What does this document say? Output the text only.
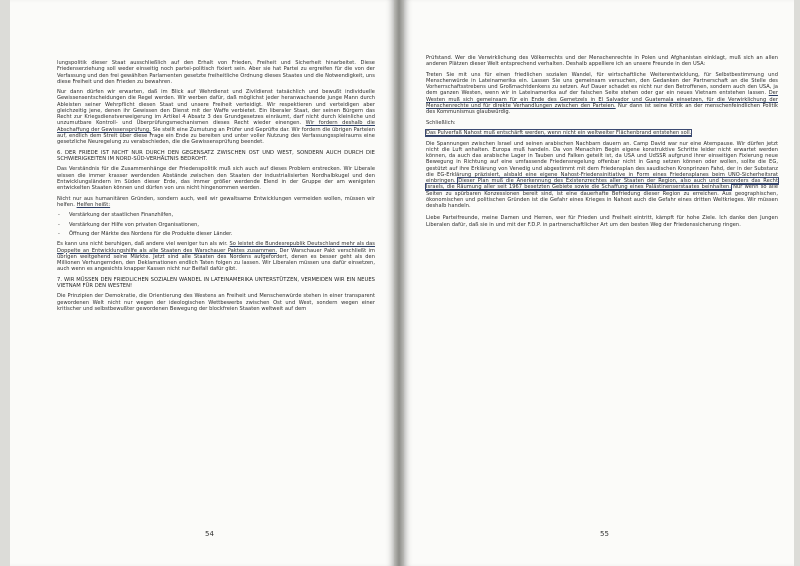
lungspolitik dieser Staat ausschließlich auf den Erhalt von Frieden, Freiheit und Sicherheit hinarbeitet. Diese Friedenserziehung soll weder einseitig noch partei-politisch fixiert sein. Aber sie hat Partei zu ergreifen für die von der Verfassung und den frei gewählten Parlamenten gesetzte freiheitliche Ordnung dieses Staates und die Notwendigkeit, uns diese Freiheit und den Frieden zu bewahren.

Nur dann dürfen wir erwarten, daß im Blick auf Wehrdienst und Zivildienst tatsächlich und bewußt individuelle Gewissensentscheidungen die Regel werden. Wir werben dafür, daß möglichst jeder heranwachsende junge Mann durch Ableisten seiner Wehrpflicht diesen Staat und unsere Freiheit verteidigt. Wir respektieren und verteidigen aber gleichzeitig jene, denen ihr Gewissen den Dienst mit der Waffe verbietet. Ein liberaler Staat, der seinen Bürgern das Recht zur Kriegsdienstverweigerung im Artikel 4 Absatz 3 des Grundgesetzes einräumt, darf nicht durch kleinliche und unzumutbare Kontroll- und Überprüfungsmechanismen dieses Recht wieder einengen. Wir fordern deshalb die Abschaffung der Gewissensprüfung. Sie stellt eine Zumutung an Prüfer und Geprüfte dar. Wir fordern die übrigen Parteien auf, endlich dem Streit über diese Frage ein Ende zu bereiten und unter voller Nutzung des Verfassungsspielraums eine gesetzliche Neuregelung zu verabschieden, die die Gewissensprüfung beendet.

6. DER FRIEDE IST NICHT NUR DURCH DEN GEGENSATZ ZWISCHEN OST UND WEST, SONDERN AUCH DURCH DIE SCHWIERIGKEITEN IM NORD-SÜD-VERHÄLTNIS BEDROHT.

Das Verständnis für die Zusammenhänge der Friedenspolitik muß sich auch auf dieses Problem erstrecken. Wir Liberale wissen die immer krasser werdenden Abstände zwischen den Staaten der industrialisierten Nordhalbkugel und den Entwicklungsländern im Süden dieser Erde, das immer größer werdende Elend in der Gruppe der am wenigsten entwickelten Staaten können und dürfen von uns nicht hingenommen werden.

Nicht nur aus humanitären Gründen, sondern auch, weil wir gewaltsame Entwicklungen vermeiden wollen, müssen wir helfen. Helfen heißt:

- Verstärkung der staatlichen Finanzhilfen,
- Verstärkung der Hilfe von privaten Organisationen,
- Öffnung der Märkte des Nordens für die Produkte dieser Länder.

Es kann uns nicht beruhigen, daß andere viel weniger tun als wir. So leistet die Bundesrepublik Deutschland mehr als das Doppelte an Entwicklungshilfe als alle Staaten des Warschauer Paktes zusammen. Der Warschauer Pakt verschließt im übrigen weitgehend seine Märkte. Jetzt sind alle Staaten des Nordens aufgefordert, denen es besser geht als den Millionen Verhungernden, den Deklamationen endlich Taten folgen zu lassen. Wir Liberalen müssen uns dafür einsetzen, auch wenn es angesichts knapper Kassen nicht nur Beifall dafür gibt.

7. WIR MÜSSEN DEN FRIEDLICHEN SOZIALEN WANDEL IN LATEINAMERIKA UNTERSTÜTZEN, VERMEIDEN WIR EIN NEUES VIETNAM FÜR DEN WESTEN!

Die Prinzipien der Demokratie, die Orientierung des Westens an Freiheit und Menschenwürde stehen in einer transparent gewordenen Welt nicht nur wegen der ideologischen Wettbewerbs zwischen Ost und West, sondern wegen einer kritischer und selbstbewußter gewordenen Bewegung der blockfreien Staaten weltweit auf dem

54

Prüfstand. Wer die Verwirklichung des Völkerrechts und der Menschenrechte in Polen und Afghanistan einklagt, muß sich an allen anderen Plätzen dieser Welt entsprechend verhalten. Deshalb appelliere ich an unsere Freunde in den USA:

Treten Sie mit uns für einen friedlichen sozialen Wandel, für wirtschaftliche Weiterentwicklung, für Selbstbestimmung und Menschenwürde in Lateinamerika ein. Lassen Sie uns gemeinsam versuchen, den Gedanken der Partnerschaft an die Stelle des Vorherrschaftsstrebens und Großmachtdenkens zu setzen. Auf Dauer schadet es nicht nur den Betroffenen, sondern auch den USA, ja dem ganzen Westen, wenn wir in Lateinamerika auf der falschen Seite stehen oder gar ein neues Vietnam entstehen lassen. Der Westen muß sich gemeinsam für ein Ende des Gemetzels in El Salvador und Guatemala einsetzen, für die Verwirklichung der Menschenrechte und für direkte Verhandlungen zwischen den Parteien. Nur dann ist seine Kritik an der menschenfeindlichen Politik des Kommunismus glaubwürdig.

Schließlich:

Das Pulverfaß Nahost muß entschärft werden, wenn nicht ein weltweiter Flächenbrand entstehen soll.

Die Spannungen zwischen Israel und seinen arabischen Nachbarn dauern an. Camp David war nur eine Atempause. Wir dürfen jetzt nicht die Luft anhalten. Europa muß handeln. Da von Menachim Begin eigene konstruktive Schritte leider nicht erwartet werden können, da auch das arabische Lager in Tauben und Falken geteilt ist, da USA und UdSSR aufgrund ihrer einseitigen Fixierung neue Bewegung in Richtung auf eine umfassende Friedensregelung offenbar nicht in Gang setzen können oder wollen, sollte die EG, gestützt auf ihre Erklärung von Venedig und abgestimmt mit dem Friedensplan des saudischen Kronprinzen Fahd, der in der Substanz die EG-Erklärung präzisiert, alsbald eine eigene Nahost-Friedensinitiative in Form eines Friedensplanes beim UNO-Sicherheitsrat einbringen. Dieser Plan muß die Anerkennung des Existenzrechtes aller Staaten der Region, also auch und besonders das Recht Israels, die Räumung aller seit 1967 besetzten Gebiete sowie die Schaffung eines Palästinenserstaates beinhalten. Nur wenn so alle Seiten zu spürbaren Konzessionen bereit sind, ist eine dauerhafte Befriedung dieser Region zu erreichen. Aus geographischen, ökonomischen und politischen Gründen ist die Gefahr eines Krieges in Nahost auch die Gefahr eines dritten Weltkrieges. Wir müssen deshalb handeln.

Liebe Parteifreunde, meine Damen und Herren, wer für Frieden und Freiheit eintritt, kämpft für hohe Ziele. Ich danke den Jungen Liberalen dafür, daß sie in und mit der F.D.P. in partnerschaftlicher Art um den besten Weg der Friedenssicherung ringen.

55
